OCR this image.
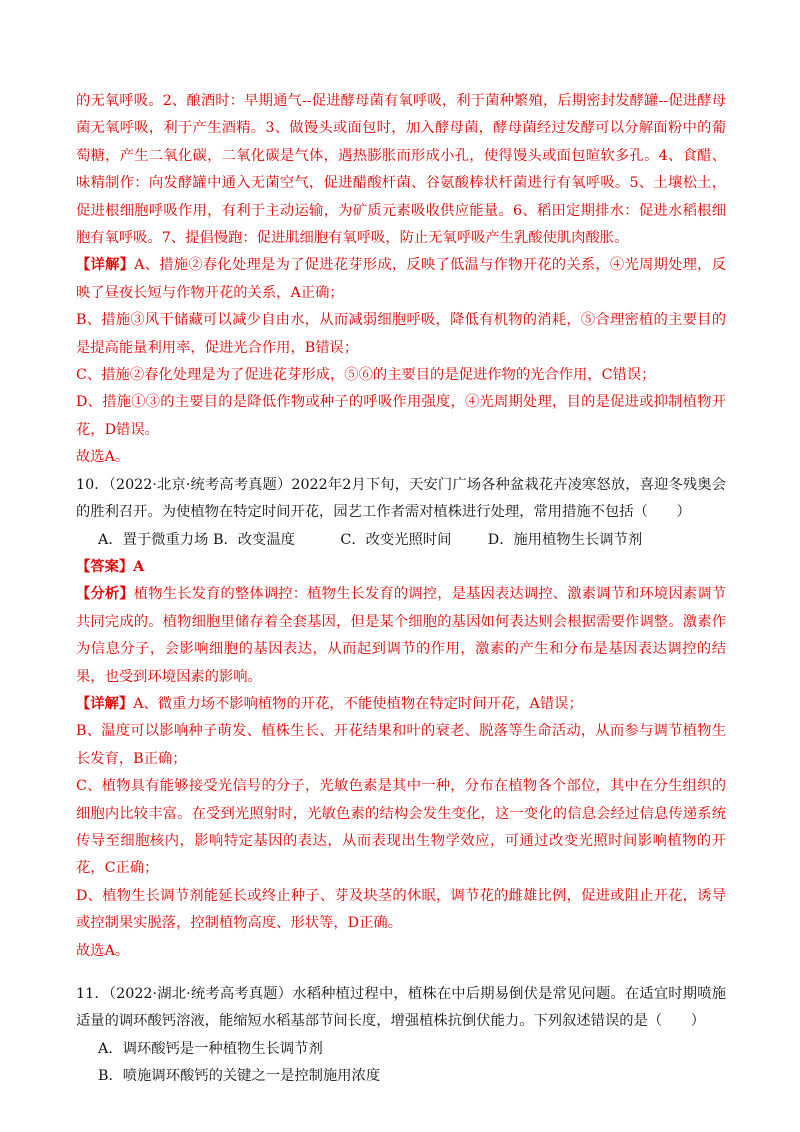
的无氧呼吸。2、酿酒时：早期通气--促进酵母菌有氧呼吸，利于菌种繁殖，后期密封发酵罐--促进酵母菌无氧呼吸，利于产生酒精。3、做馒头或面包时，加入酵母菌，酵母菌经过发酵可以分解面粉中的葡萄糖，产生二氧化碳，二氧化碳是气体，遇热膨胀而形成小孔，使得馒头或面包暄软多孔。4、食醋、味精制作：向发酵罐中通入无菌空气，促进醋酸杆菌、谷氨酸棒状杆菌进行有氧呼吸。5、土壤松土，促进根细胞呼吸作用，有利于主动运输，为矿质元素吸收供应能量。6、稻田定期排水：促进水稻根细胞有氧呼吸。7、提倡慢跑：促进肌细胞有氧呼吸，防止无氧呼吸产生乳酸使肌肉酸胀。

【详解】A、措施②春化处理是为了促进花芽形成，反映了低温与作物开花的关系，④光周期处理，反映了昼夜长短与作物开花的关系，A正确；

B、措施③风干储藏可以减少自由水，从而减弱细胞呼吸，降低有机物的消耗，⑤合理密植的主要目的是提高能量利用率，促进光合作用，B错误；

C、措施②春化处理是为了促进花芽形成，⑤⑥的主要目的是促进作物的光合作用，C错误；

D、措施①③的主要目的是降低作物或种子的呼吸作用强度，④光周期处理，目的是促进或抑制植物开花，D错误。

故选A。

10．（2022·北京·统考高考真题）2022年2月下旬，天安门广场各种盆栽花卉凌寒怒放，喜迎冬残奥会的胜利召开。为使植物在特定时间开花，园艺工作者需对植株进行处理，常用措施不包括（　　）

A．置于微重力场 B．改变温度          C．改变光照时间        D．施用植物生长调节剂

【答案】A

【分析】植物生长发育的整体调控：植物生长发育的调控，是基因表达调控、激素调节和环境因素调节共同完成的。植物细胞里储存着全套基因，但是某个细胞的基因如何表达则会根据需要作调整。激素作为信息分子，会影响细胞的基因表达，从而起到调节的作用，激素的产生和分布是基因表达调控的结果，也受到环境因素的影响。

【详解】A、微重力场不影响植物的开花，不能使植物在特定时间开花，A错误；

B、温度可以影响种子萌发、植株生长、开花结果和叶的衰老、脱落等生命活动，从而参与调节植物生长发育，B正确；

C、植物具有能够接受光信号的分子，光敏色素是其中一种，分布在植物各个部位，其中在分生组织的细胞内比较丰富。在受到光照射时，光敏色素的结构会发生变化，这一变化的信息会经过信息传递系统传导至细胞核内，影响特定基因的表达，从而表现出生物学效应，可通过改变光照时间影响植物的开花，C正确；

D、植物生长调节剂能延长或终止种子、芽及块茎的休眠，调节花的雌雄比例，促进或阻止开花，诱导或控制果实脱落，控制植物高度、形状等，D正确。

故选A。

11．（2022·湖北·统考高考真题）水稻种植过程中，植株在中后期易倒伏是常见问题。在适宜时期喷施适量的调环酸钙溶液，能缩短水稻基部节间长度，增强植株抗倒伏能力。下列叙述错误的是（　　）

A．调环酸钙是一种植物生长调节剂

B．喷施调环酸钙的关键之一是控制施用浓度
